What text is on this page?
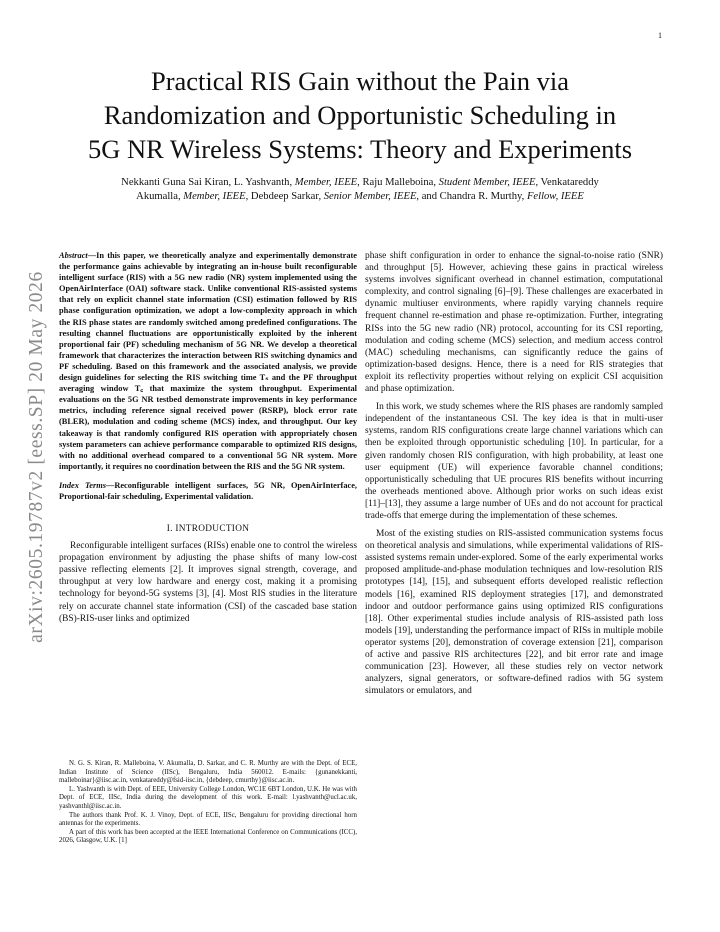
1
arXiv:2605.19787v2 [eess.SP] 20 May 2026
Practical RIS Gain without the Pain via
Randomization and Opportunistic Scheduling in
5G NR Wireless Systems: Theory and Experiments
Nekkanti Guna Sai Kiran, L. Yashvanth, Member, IEEE, Raju Malleboina, Student Member, IEEE, Venkatareddy
Akumalla, Member, IEEE, Debdeep Sarkar, Senior Member, IEEE, and Chandra R. Murthy, Fellow, IEEE
Abstract—In this paper, we theoretically analyze and experimentally demonstrate the performance gains achievable by integrating an in-house built reconfigurable intelligent surface (RIS) with a 5G new radio (NR) system implemented using the OpenAirInterface (OAI) software stack. Unlike conventional RIS-assisted systems that rely on explicit channel state information (CSI) estimation followed by RIS phase configuration optimization, we adopt a low-complexity approach in which the RIS phase states are randomly switched among predefined configurations. The resulting channel fluctuations are opportunistically exploited by the inherent proportional fair (PF) scheduling mechanism of 5G NR. We develop a theoretical framework that characterizes the interaction between RIS switching dynamics and PF scheduling. Based on this framework and the associated analysis, we provide design guidelines for selecting the RIS switching time Tₛ and the PF throughput averaging window T꜀ that maximize the system throughput. Experimental evaluations on the 5G NR testbed demonstrate improvements in key performance metrics, including reference signal received power (RSRP), block error rate (BLER), modulation and coding scheme (MCS) index, and throughput. Our key takeaway is that randomly configured RIS operation with appropriately chosen system parameters can achieve performance comparable to optimized RIS designs, with no additional overhead compared to a conventional 5G NR system. More importantly, it requires no coordination between the RIS and the 5G NR system.
Index Terms—Reconfigurable intelligent surfaces, 5G NR, OpenAirInterface, Proportional-fair scheduling, Experimental validation.
I. INTRODUCTION

Reconfigurable intelligent surfaces (RISs) enable one to control the wireless propagation environment by adjusting the phase shifts of many low-cost passive reflecting elements [2]. It improves signal strength, coverage, and throughput at very low hardware and energy cost, making it a promising technology for beyond-5G systems [3], [4]. Most RIS studies in the literature rely on accurate channel state information (CSI) of the cascaded base station (BS)-RIS-user links and optimized

N. G. S. Kiran, R. Malleboina, V. Akumalla, D. Sarkar, and C. R. Murthy are with the Dept. of ECE, Indian Institute of Science (IISc), Bengaluru, India 560012. E-mails: {gunanekkanti, malleboinar}@iisc.ac.in, venkatareddy@fsid-iisc.in, {debdeep, cmurthy}@iisc.ac.in.

L. Yashvanth is with Dept. of EEE, University College London, WC1E 6BT London, U.K. He was with Dept. of ECE, IISc, India during the development of this work. E-mail: l.yashvanth@ucl.ac.uk, yashvanthl@iisc.ac.in.

The authors thank Prof. K. J. Vinoy, Dept. of ECE, IISc, Bengaluru for providing directional horn antennas for the experiments.

A part of this work has been accepted at the IEEE International Conference on Communications (ICC), 2026, Glasgow, U.K. [1]

phase shift configuration in order to enhance the signal-to-noise ratio (SNR) and throughput [5]. However, achieving these gains in practical wireless systems involves significant overhead in channel estimation, computational complexity, and control signaling [6]–[9]. These challenges are exacerbated in dynamic multiuser environments, where rapidly varying channels require frequent channel re-estimation and phase re-optimization. Further, integrating RISs into the 5G new radio (NR) protocol, accounting for its CSI reporting, modulation and coding scheme (MCS) selection, and medium access control (MAC) scheduling mechanisms, can significantly reduce the gains of optimization-based designs. Hence, there is a need for RIS strategies that exploit its reflectivity properties without relying on explicit CSI acquisition and phase optimization.

In this work, we study schemes where the RIS phases are randomly sampled independent of the instantaneous CSI. The key idea is that in multi-user systems, random RIS configurations create large channel variations which can then be exploited through opportunistic scheduling [10]. In particular, for a given randomly chosen RIS configuration, with high probability, at least one user equipment (UE) will experience favorable channel conditions; opportunistically scheduling that UE procures RIS benefits without incurring the overheads mentioned above. Although prior works on such ideas exist [11]–[13], they assume a large number of UEs and do not account for practical trade-offs that emerge during the implementation of these schemes.

Most of the existing studies on RIS-assisted communication systems focus on theoretical analysis and simulations, while experimental validations of RIS-assisted systems remain under-explored. Some of the early experimental works proposed amplitude-and-phase modulation techniques and low-resolution RIS prototypes [14], [15], and subsequent efforts developed realistic reflection models [16], examined RIS deployment strategies [17], and demonstrated indoor and outdoor performance gains using optimized RIS configurations [18]. Other experimental studies include analysis of RIS-assisted path loss models [19], understanding the performance impact of RISs in multiple mobile operator systems [20], demonstration of coverage extension [21], comparison of active and passive RIS architectures [22], and bit error rate and image communication [23]. However, all these studies rely on vector network analyzers, signal generators, or software-defined radios with 5G system simulators or emulators, and
